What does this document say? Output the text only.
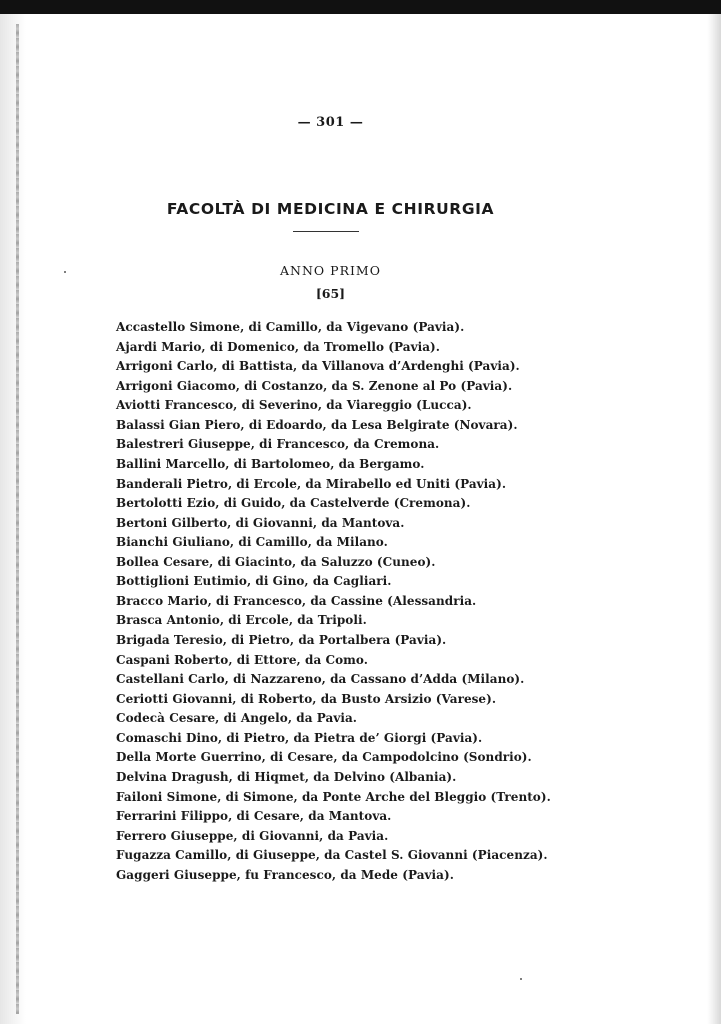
— 301 —
FACOLTÀ DI MEDICINA E CHIRURGIA
ANNO PRIMO
[65]
Accastello Simone, di Camillo, da Vigevano (Pavia).
Ajardi Mario, di Domenico, da Tromello (Pavia).
Arrigoni Carlo, di Battista, da Villanova d’Ardenghi (Pavia).
Arrigoni Giacomo, di Costanzo, da S. Zenone al Po (Pavia).
Aviotti Francesco, di Severino, da Viareggio (Lucca).
Balassi Gian Piero, di Edoardo, da Lesa Belgirate (Novara).
Balestreri Giuseppe, di Francesco, da Cremona.
Ballini Marcello, di Bartolomeo, da Bergamo.
Banderali Pietro, di Ercole, da Mirabello ed Uniti (Pavia).
Bertolotti Ezio, di Guido, da Castelverde (Cremona).
Bertoni Gilberto, di Giovanni, da Mantova.
Bianchi Giuliano, di Camillo, da Milano.
Bollea Cesare, di Giacinto, da Saluzzo (Cuneo).
Bottiglioni Eutimio, di Gino, da Cagliari.
Bracco Mario, di Francesco, da Cassine (Alessandria.
Brasca Antonio, di Ercole, da Tripoli.
Brigada Teresio, di Pietro, da Portalbera (Pavia).
Caspani Roberto, di Ettore, da Como.
Castellani Carlo, di Nazzareno, da Cassano d’Adda (Milano).
Ceriotti Giovanni, di Roberto, da Busto Arsizio (Varese).
Codecà Cesare, di Angelo, da Pavia.
Comaschi Dino, di Pietro, da Pietra de’ Giorgi (Pavia).
Della Morte Guerrino, di Cesare, da Campodolcino (Sondrio).
Delvina Dragush, di Hiqmet, da Delvino (Albania).
Failoni Simone, di Simone, da Ponte Arche del Bleggio (Trento).
Ferrarini Filippo, di Cesare, da Mantova.
Ferrero Giuseppe, di Giovanni, da Pavia.
Fugazza Camillo, di Giuseppe, da Castel S. Giovanni (Piacenza).
Gaggeri Giuseppe, fu Francesco, da Mede (Pavia).
